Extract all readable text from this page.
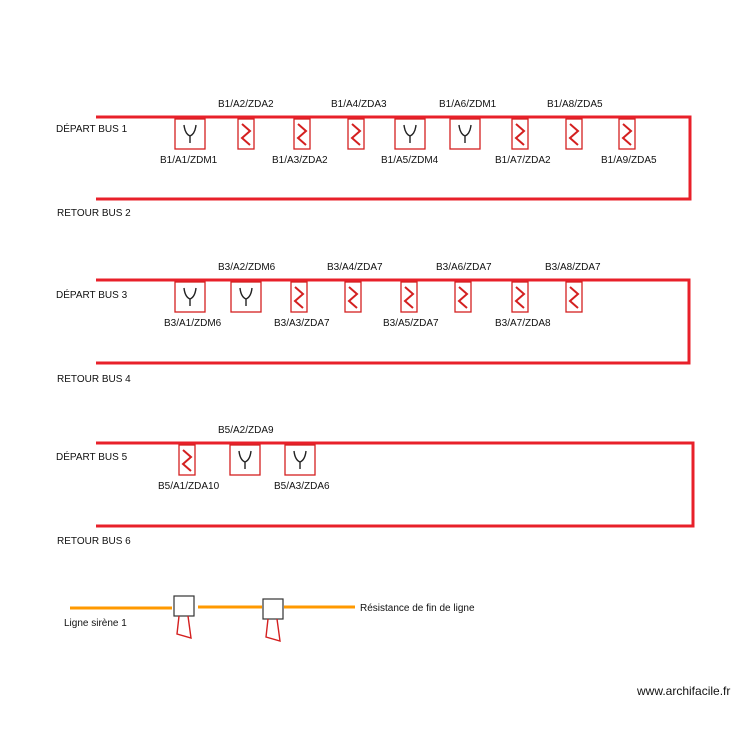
DÉPART BUS 1
RETOUR BUS 2
B1/A1/ZDM1
B1/A2/ZDA2
B1/A3/ZDA2
B1/A4/ZDA3
B1/A5/ZDM4
B1/A6/ZDM1
B1/A7/ZDA2
B1/A8/ZDA5
B1/A9/ZDA5
DÉPART BUS 3
RETOUR BUS 4
B3/A1/ZDM6
B3/A2/ZDM6
B3/A3/ZDA7
B3/A4/ZDA7
B3/A5/ZDA7
B3/A6/ZDA7
B3/A7/ZDA8
B3/A8/ZDA7
DÉPART BUS 5
RETOUR BUS 6
B5/A1/ZDA10
B5/A2/ZDA9
B5/A3/ZDA6
Ligne sirène 1
Résistance de fin de ligne
www.archifacile.fr
